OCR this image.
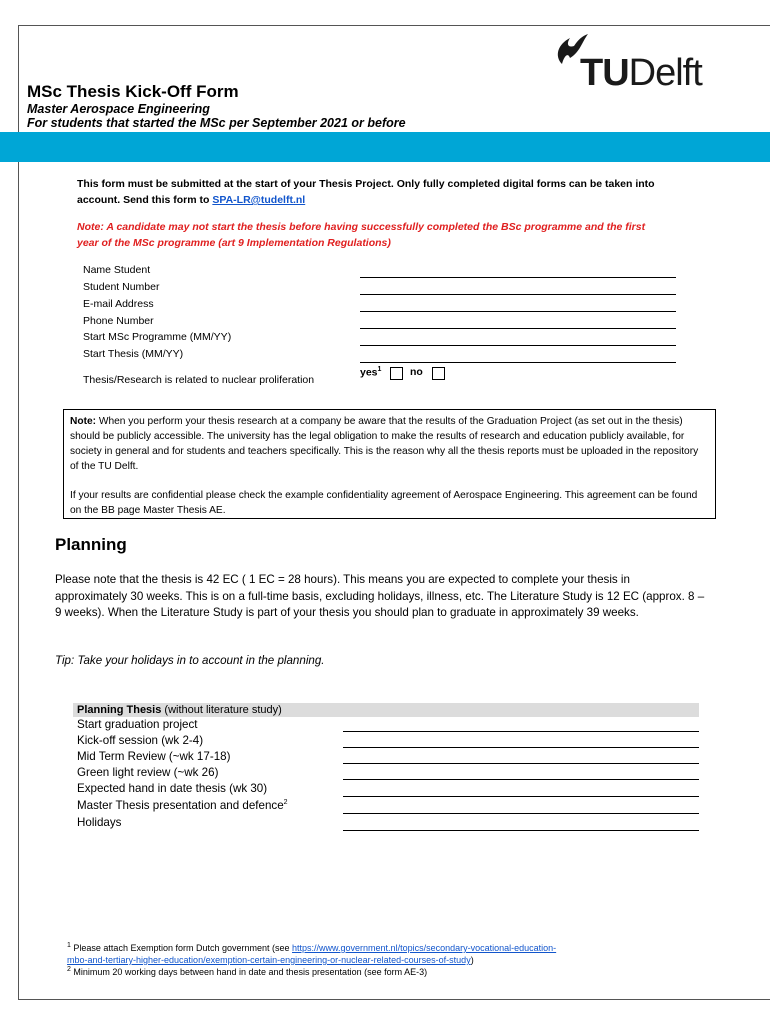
TUDelft
MSc Thesis Kick-Off Form
Master Aerospace Engineering
For students that started the MSc per September 2021 or before
This form must be submitted at the start of your Thesis Project. Only fully completed digital forms can be taken into account. Send this form to SPA-LR@tudelft.nl
Note: A candidate may not start the thesis before having successfully completed the BSc programme and the first year of the MSc programme (art 9 Implementation Regulations)
Name Student
Student Number
E-mail Address
Phone Number
Start MSc Programme (MM/YY)
Start Thesis (MM/YY)
Thesis/Research is related to nuclear proliferation
yes$^1$	no

Note: When you perform your thesis research at a company be aware that the results of the Graduation Project (as set out in the thesis) should be publicly accessible. The university has the legal obligation to make the results of research and education publicly available, for society in general and for students and teachers specifically. This is the reason why all the thesis reports must be uploaded in the repository of the TU Delft.

If your results are confidential please check the example confidentiality agreement of Aerospace Engineering. This agreement can be found on the BB page Master Thesis AE.

Planning
Please note that the thesis is 42 EC ( 1 EC = 28 hours). This means you are expected to complete your thesis in approximately 30 weeks. This is on a full-time basis, excluding holidays, illness, etc. The Literature Study is 12 EC (approx. 8 – 9 weeks). When the Literature Study is part of your thesis you should plan to graduate in approximately 39 weeks.
Tip: Take your holidays in to account in the planning.
Planning Thesis (without literature study)
Start graduation project
Kick-off session (wk 2-4)
Mid Term Review (~wk 17-18)
Green light review (~wk 26)
Expected hand in date thesis (wk 30)
Master Thesis presentation and defence$^2$
Holidays
$^1$ Please attach Exemption form Dutch government (see https://www.government.nl/topics/secondary-vocational-education-
mbo-and-tertiary-higher-education/exemption-certain-engineering-or-nuclear-related-courses-of-study)
$^2$ Minimum 20 working days between hand in date and thesis presentation (see form AE-3)
